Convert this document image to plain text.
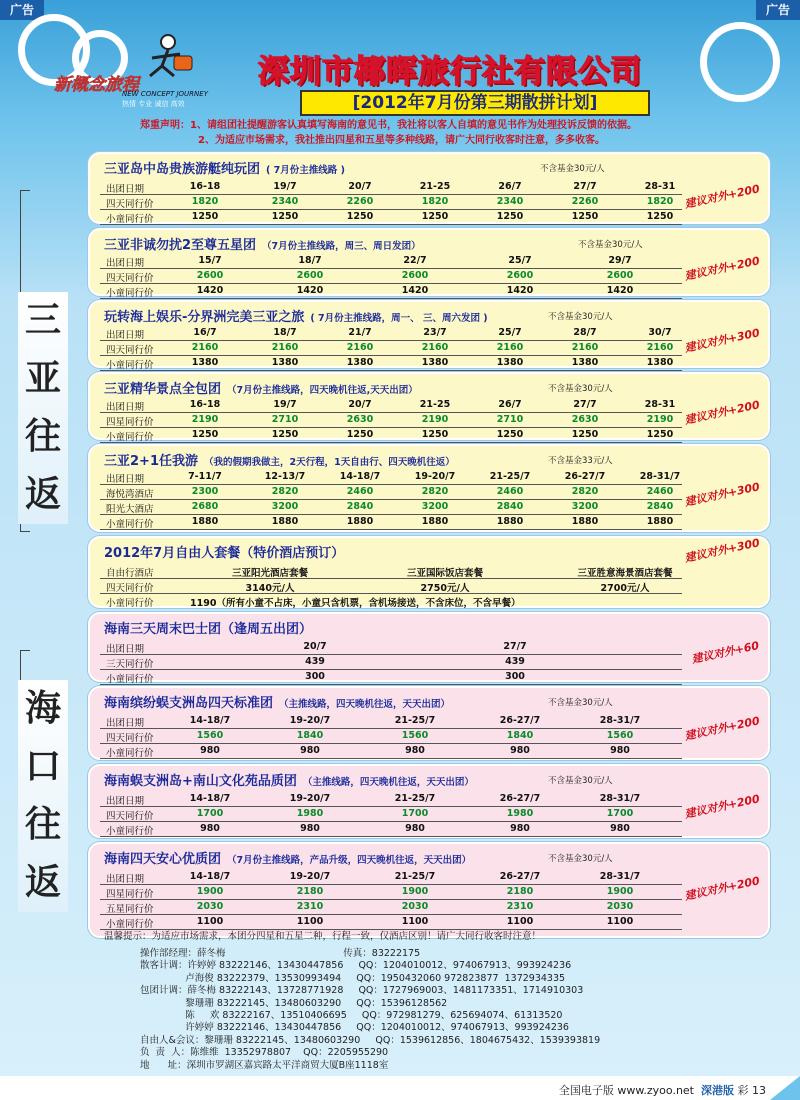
广告	广告
新概念旅程
NEW CONCEPT JOURNEY
热情 专业 诚信 高效
深圳市椰晖旅行社有限公司
[2012年7月份第三期散拼计划]
郑重声明：1、请组团社提醒游客认真填写海南的意见书，我社将以客人自填的意见书作为处理投诉反馈的依据。
2、为适应市场需求，我社推出四星和五星等多种线路，请广大同行收客时注意，多多收客。
三
亚
往
返
海
口
往
返
三亚岛中岛贵族游艇纯玩团 ( 7月份主推线路 )	不含基金30元/人
出团日期	16-18	19/7	20/7	21-25	26/7	27/7	28-31
四天同行价	1820	2340	2260	1820	2340	2260	1820
小童同行价	1250	1250	1250	1250	1250	1250	1250
建议对外+200
三亚非诚勿扰2至尊五星团 （7月份主推线路，周三、周日发团）	不含基金30元/人
出团日期	15/7	18/7	22/7	25/7	29/7
四天同行价	2600	2600	2600	2600	2600
小童同行价	1420	1420	1420	1420	1420
建议对外+200
玩转海上娱乐-分界洲完美三亚之旅 ( 7月份主推线路，周一、 三、周六发团 )	不含基金30元/人
出团日期	16/7	18/7	21/7	23/7	25/7	28/7	30/7
四天同行价	2160	2160	2160	2160	2160	2160	2160
小童同行价	1380	1380	1380	1380	1380	1380	1380
建议对外+300
三亚精华景点全包团 （7月份主推线路，四天晚机往返,天天出团）	不含基金30元/人
出团日期	16-18	19/7	20/7	21-25	26/7	27/7	28-31
四星同行价	2190	2710	2630	2190	2710	2630	2190
小童同行价	1250	1250	1250	1250	1250	1250	1250
建议对外+200
三亚2+1任我游 （我的假期我做主，2天行程，1天自由行、四天晚机往返）	不含基金33元/人
出团日期	7-11/7	12-13/7	14-18/7	19-20/7	21-25/7	26-27/7	28-31/7
海悦湾酒店	2300	2820	2460	2820	2460	2820	2460
阳光大酒店	2680	3200	2840	3200	2840	3200	2840
小童同行价	1880	1880	1880	1880	1880	1880	1880
建议对外+300
2012年7月自由人套餐（特价酒店预订）
自由行酒店	三亚阳光酒店套餐	三亚国际饭店套餐	三亚胜意海景酒店套餐
四天同行价	3140元/人	2750元/人	2700元/人
小童同行价	1190（所有小童不占床，小童只含机票，含机场接送，不含床位，不含早餐）
建议对外+300
海南三天周末巴士团（逢周五出团）
出团日期	20/7	27/7
三天同行价	439	439
小童同行价	300	300
建议对外+60
海南缤纷蜈支洲岛四天标准团 （主推线路，四天晚机往返，天天出团）	不含基金30元/人
出团日期	14-18/7	19-20/7	21-25/7	26-27/7	28-31/7
四天同行价	1560	1840	1560	1840	1560
小童同行价	980	980	980	980	980
建议对外+200
海南蜈支洲岛+南山文化苑品质团 （主推线路，四天晚机往返，天天出团）	不含基金30元/人
出团日期	14-18/7	19-20/7	21-25/7	26-27/7	28-31/7
四天同行价	1700	1980	1700	1980	1700
小童同行价	980	980	980	980	980
建议对外+200
海南四天安心优质团 （7月份主推线路，产品升级，四天晚机往返，天天出团）	不含基金30元/人
出团日期	14-18/7	19-20/7	21-25/7	26-27/7	28-31/7
四星同行价	1900	2180	1900	2180	1900
五星同行价	2030	2310	2030	2310	2030
小童同行价	1100	1100	1100	1100	1100
建议对外+200
温馨提示：为适应市场需求，本团分四星和五星二种，行程一致，仅酒店区别！请广大同行收客时注意！
操作部经理：薛冬梅                                       传真：83222175
散客计调：许婷婷 83222146、13430447856     QQ：1204010012、974067913、993924236
卢海俊 83222379、13530993494     QQ：1950432060 972823877  1372934335
包团计调：薛冬梅 83222143、13728771928     QQ：1727969003、1481173351、1714910303
黎珊珊 83222145、13480603290     QQ：15396128562
陈     欢 83222167、13510406695     QQ：972981279、625694074、61313520
许婷婷 83222146、13430447856     QQ：1204010012、974067913、993924236
自由人&会议：黎珊珊 83222145、13480603290     QQ：1539612856、1804675432、1539393819
负  责  人：陈维维  13352978807    QQ：2205955290
地      址：深圳市罗湖区嘉宾路太平洋商贸大厦B座1118室
全国电子版 www.zyoo.net 深港版 彩 13
